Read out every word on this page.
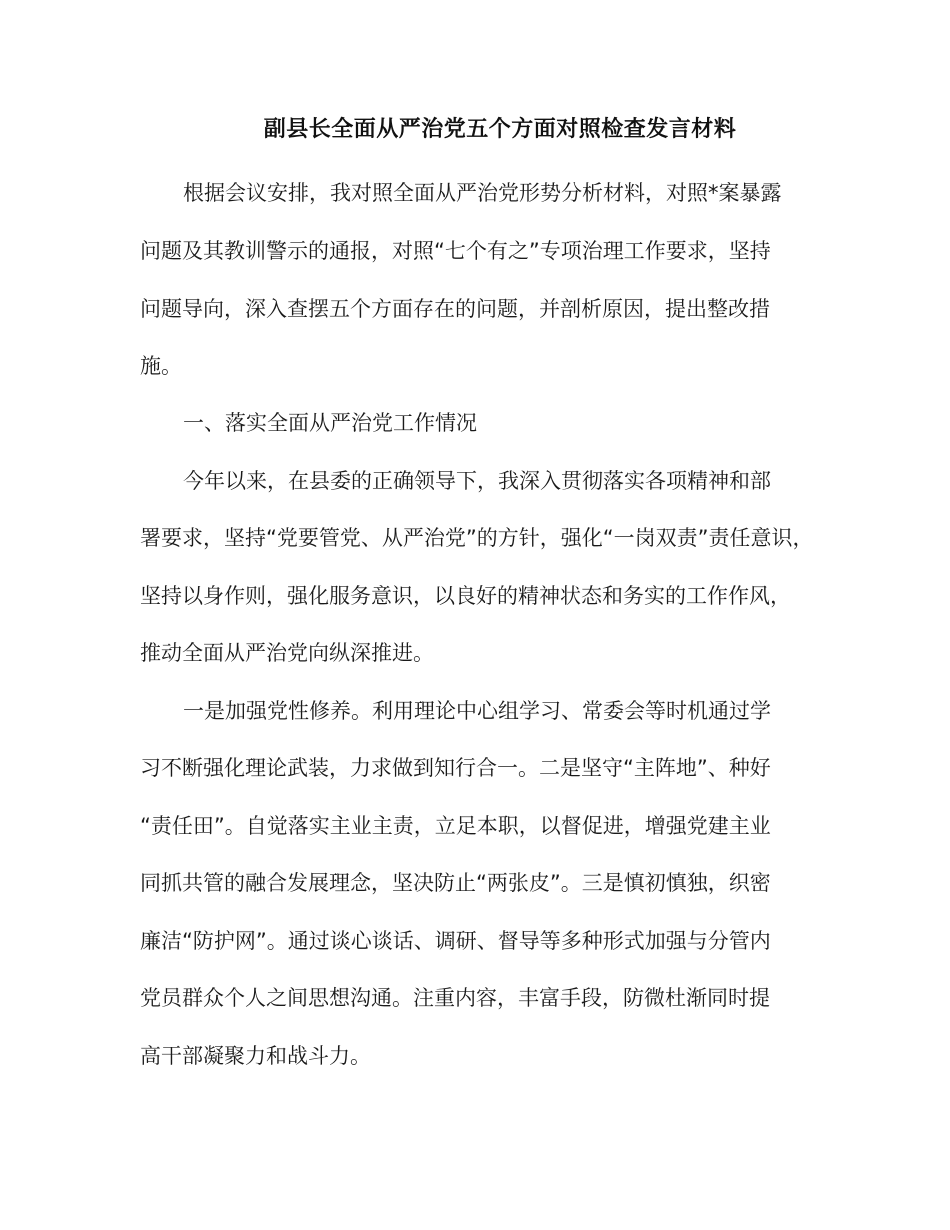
副县长全面从严治党五个方面对照检查发言材料
根据会议安排，我对照全面从严治党形势分析材料，对照*案暴露
问题及其教训警示的通报，对照“七个有之”专项治理工作要求，坚持
问题导向，深入查摆五个方面存在的问题，并剖析原因，提出整改措
施。
一、落实全面从严治党工作情况
今年以来，在县委的正确领导下，我深入贯彻落实各项精神和部
署要求，坚持“党要管党、从严治党”的方针，强化“一岗双责”责任意识，
坚持以身作则，强化服务意识，以良好的精神状态和务实的工作作风，
推动全面从严治党向纵深推进。
一是加强党性修养。利用理论中心组学习、常委会等时机通过学
习不断强化理论武装，力求做到知行合一。二是坚守“主阵地”、种好
“责任田”。自觉落实主业主责，立足本职，以督促进，增强党建主业
同抓共管的融合发展理念，坚决防止“两张皮”。三是慎初慎独，织密
廉洁“防护网”。通过谈心谈话、调研、督导等多种形式加强与分管内
党员群众个人之间思想沟通。注重内容，丰富手段，防微杜渐同时提
高干部凝聚力和战斗力。
